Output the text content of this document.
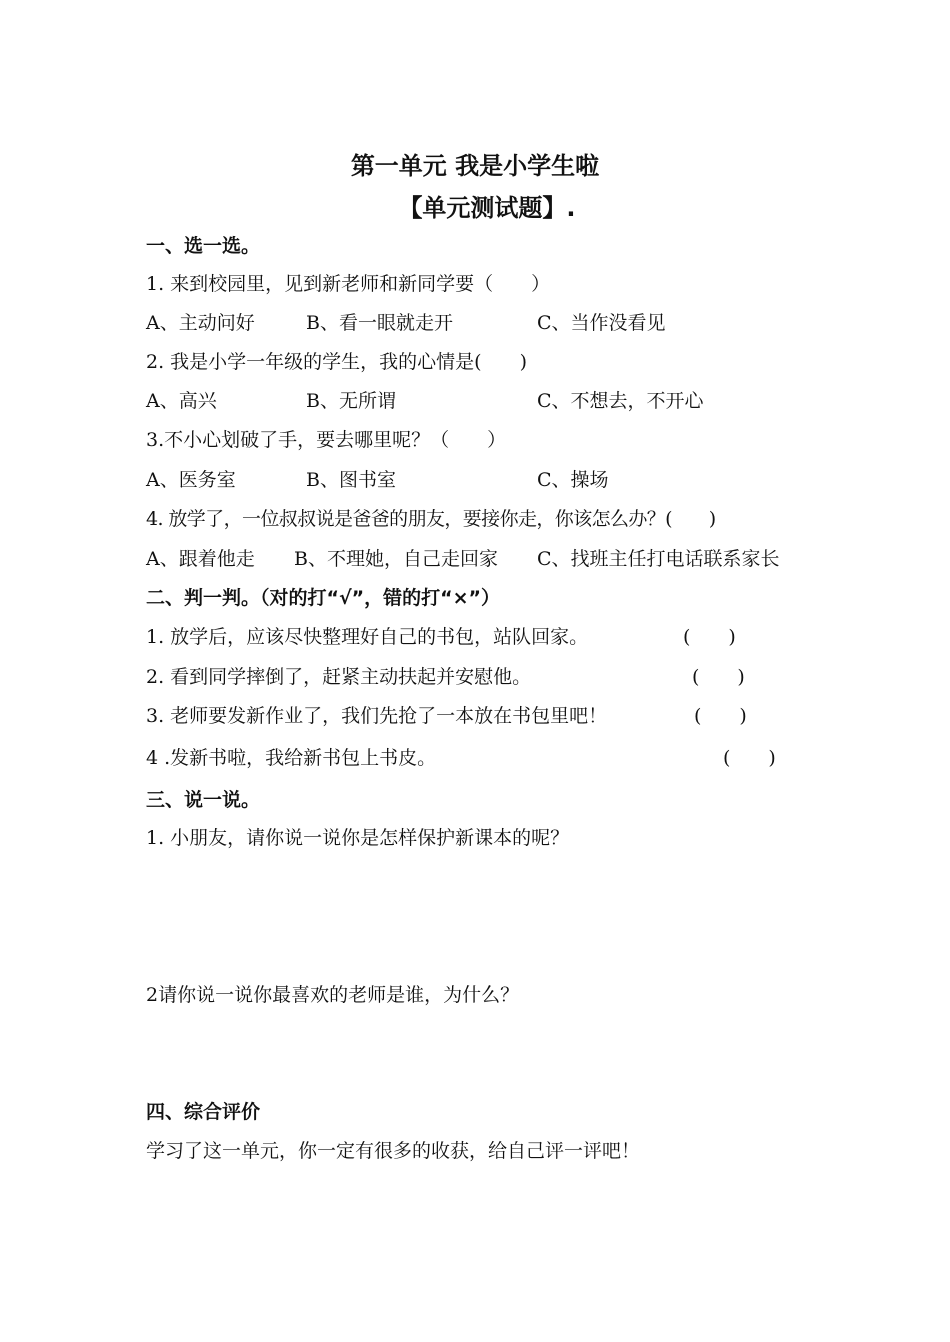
第一单元 我是小学生啦
【单元测试题】.
一、选一选。
1. 来到校园里，见到新老师和新同学要（　　）
A、主动问好	B、看一眼就走开	C、当作没看见
2. 我是小学一年级的学生，我的心情是(　　)
A、高兴	B、无所谓	C、不想去，不开心
3.不小心划破了手，要去哪里呢？（　　）
A、医务室	B、图书室	C、操场
4. 放学了，一位叔叔说是爸爸的朋友，要接你走，你该怎么办？(　　)
A、跟着他走 B、不理她，自己走回家 C、找班主任打电话联系家长
二、判一判。（对的打“√”，错的打“×”）
1. 放学后，应该尽快整理好自己的书包，站队回家。	(　　)
2. 看到同学摔倒了，赶紧主动扶起并安慰他。	(　　)
3. 老师要发新作业了，我们先抢了一本放在书包里吧！	(　　)
4 .发新书啦，我给新书包上书皮。	(　　)
三、说一说。
1. 小朋友，请你说一说你是怎样保护新课本的呢？
2请你说一说你最喜欢的老师是谁，为什么？
四、综合评价
学习了这一单元，你一定有很多的收获，给自己评一评吧！
